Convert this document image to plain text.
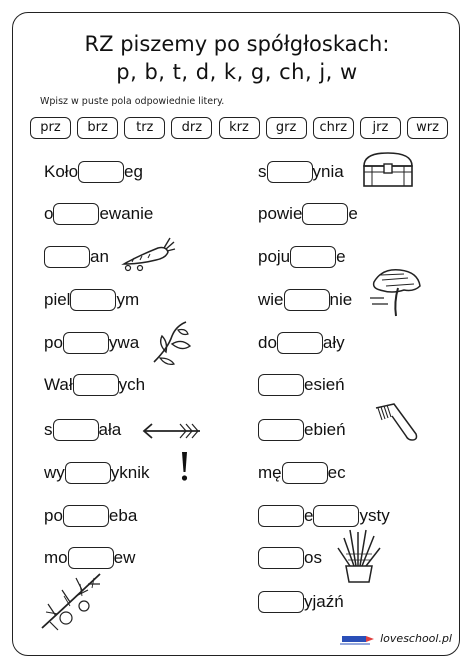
RZ piszemy po spółgłoskach:
p, b, t, d, k, g, ch, j, w
Wpisz w puste pola odpowiednie litery.
prz	brz	trz	drz	krz	grz	chrz	jrz	wrz
Koło	eg
o	ewanie
an
piel	ym
po	ywa
Wał	ych
s	ała
wy	yknik
po	eba
mo	ew
s	ynia
powie	e
poju	e
wie	nie
do	ały
esień
ebień
mę	ec
e	ysty
os
yjaźń
loveschool.pl
